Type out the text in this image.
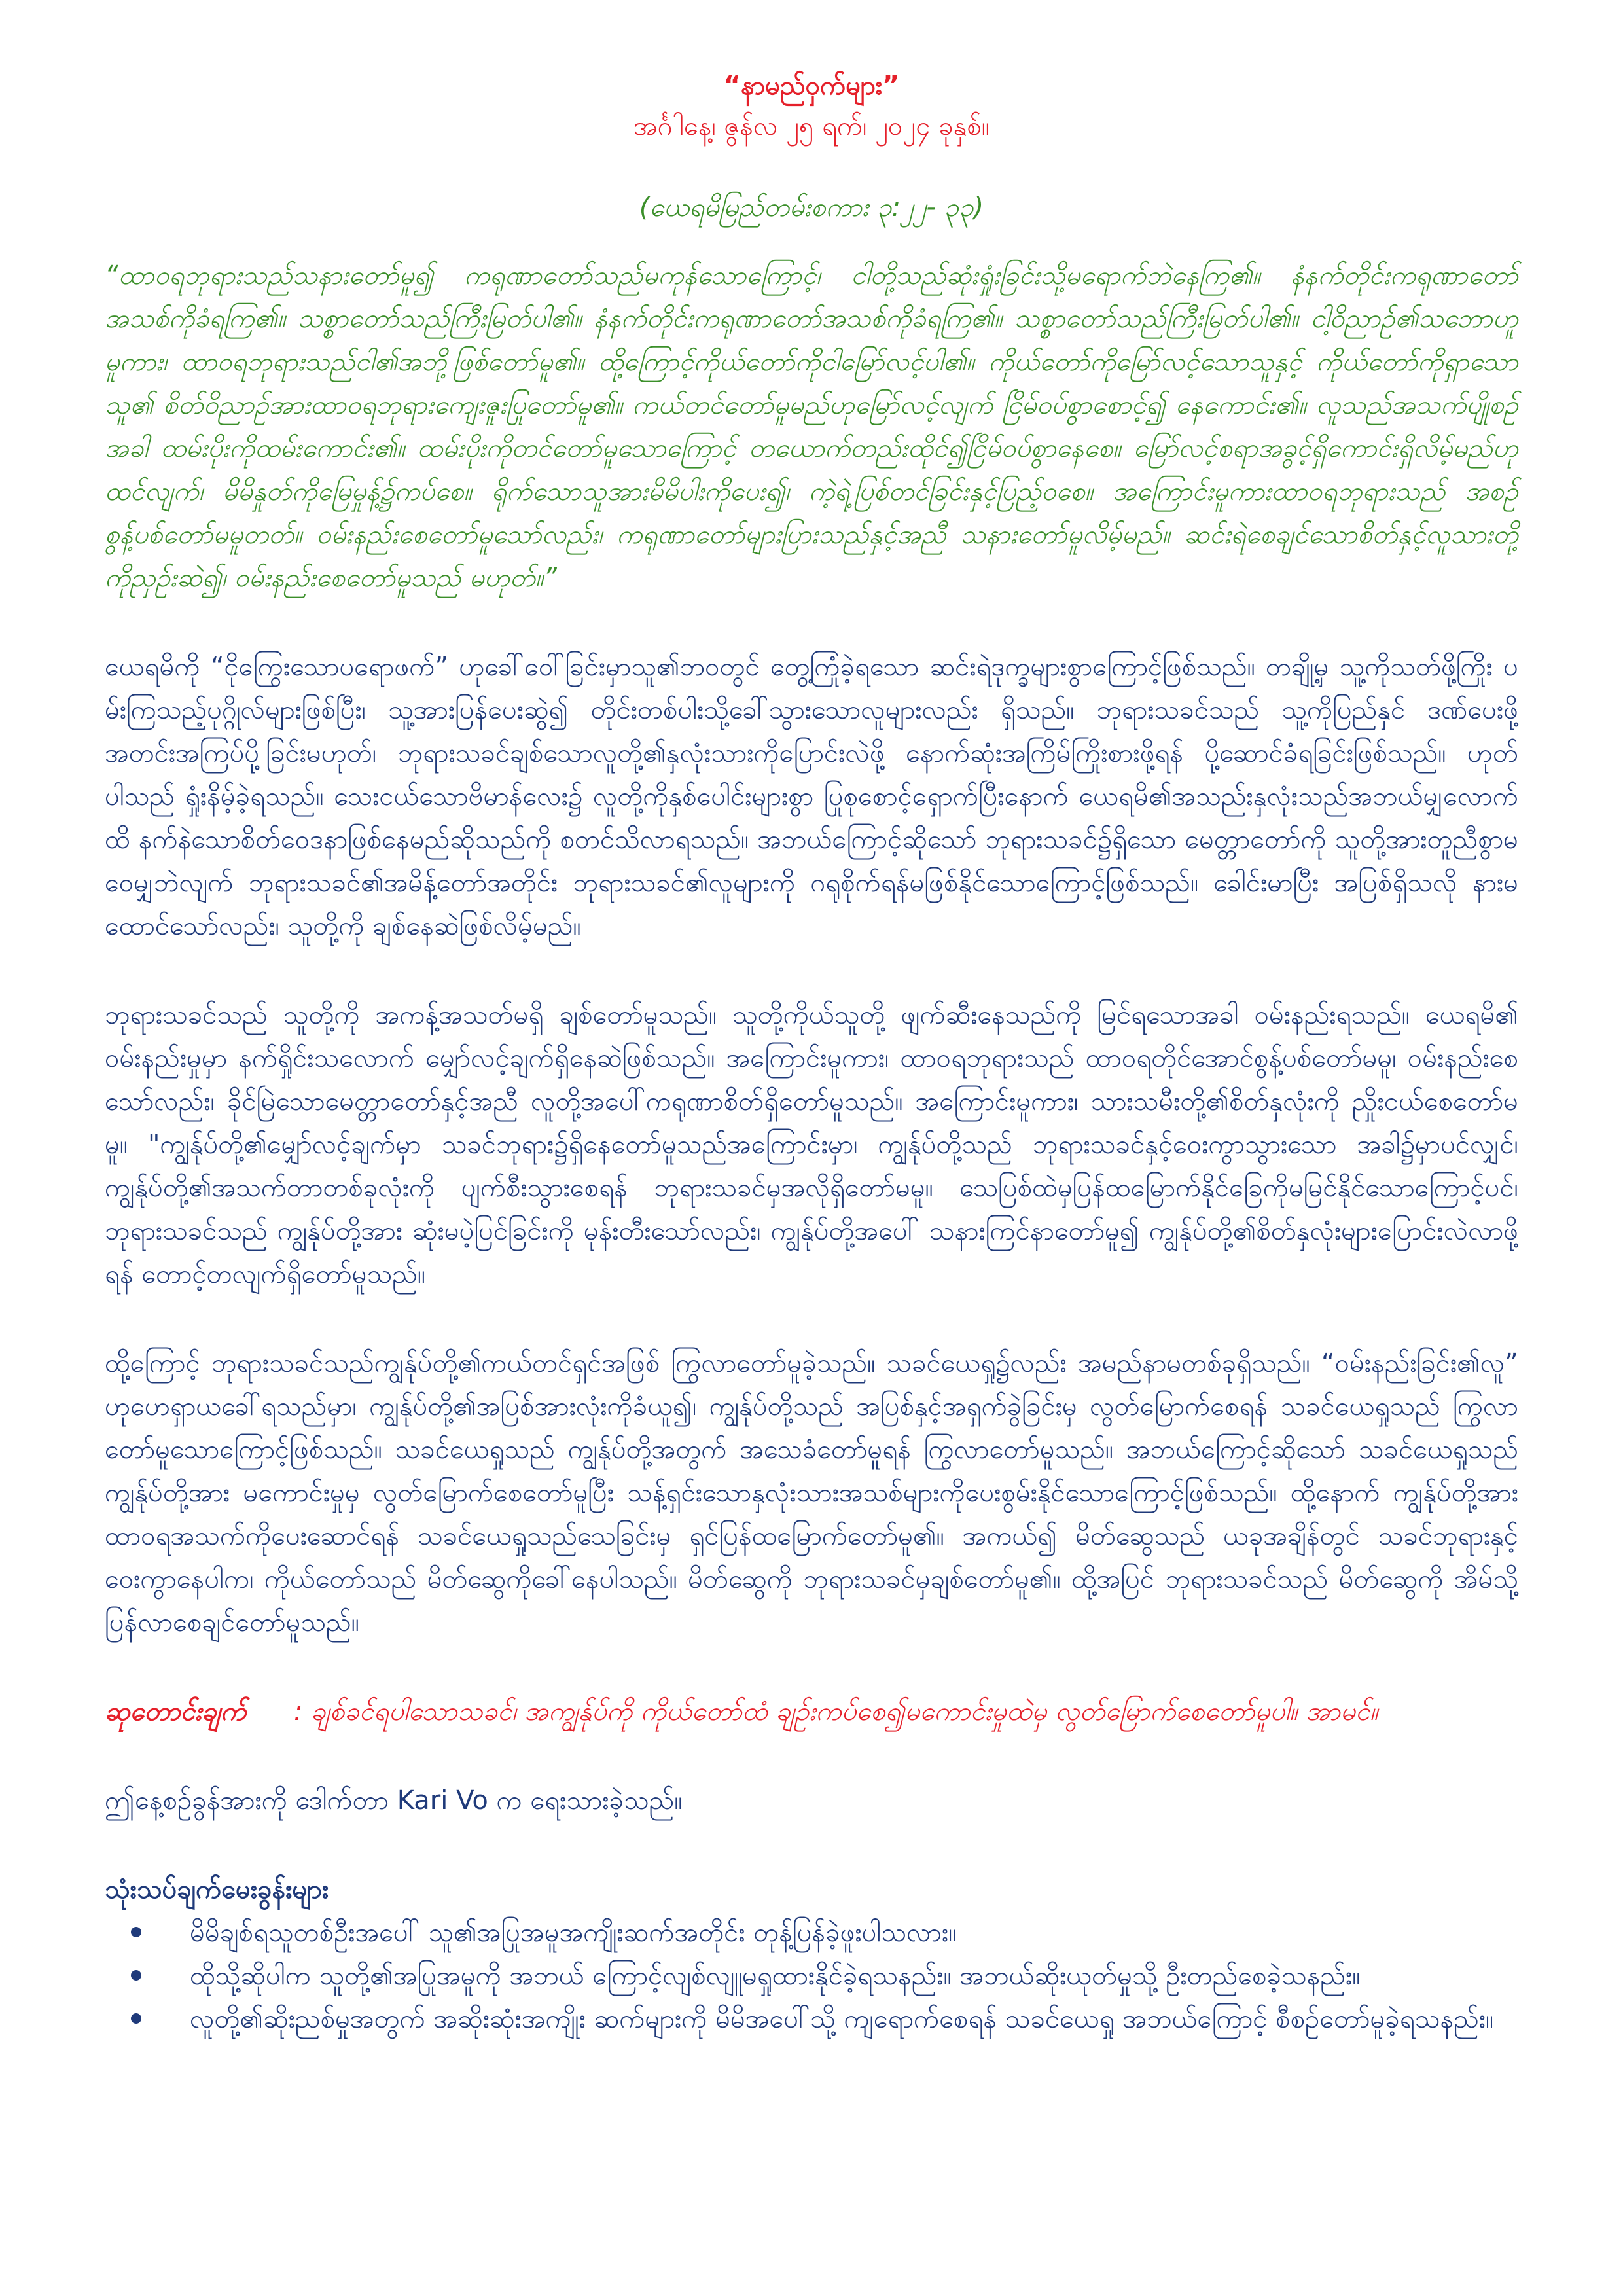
“နာမည်ဝှက်များ”

အင်္ဂါနေ့၊ ဇွန်လ ၂၅ ရက်၊ ၂၀၂၄ ခုနှစ်။

(ယေရမိမြည်တမ်းစကား ၃:၂၂- ၃၃)

“ထာဝရဘုရားသည်သနားတော်မူ၍ ကရုဏာတော်သည်မကုန်သောကြောင့်၊ ငါတို့သည်ဆုံးရှုံးခြင်းသို့မရောက်ဘဲနေကြ၏။ နံနက်တိုင်းကရုဏာတော် အသစ်ကိုခံရကြ၏။ သစ္စာတော်သည်ကြီးမြတ်ပါ၏။ နံနက်တိုင်းကရုဏာတော်အသစ်ကိုခံရကြ၏။ သစ္စာတော်သည်ကြီးမြတ်ပါ၏။ ငါ့ဝိညာဉ်၏သဘောဟူမူကား၊ ထာဝရဘုရားသည်ငါ၏အဘို့ဖြစ်တော်မူ၏။ ထို့ကြောင့်ကိုယ်တော်ကိုငါမြော်လင့်ပါ၏။ ကိုယ်တော်ကိုမြော်လင့်သောသူနှင့် ကိုယ်တော်ကိုရှာသောသူ၏ စိတ်ဝိညာဉ်အားထာဝရဘုရားကျေးဇူးပြုတော်မူ၏။ ကယ်တင်တော်မူမည်ဟုမြော်လင့်လျက် ငြိမ်ဝပ်စွာစောင့်၍ နေကောင်း၏။ လူသည်အသက်ပျိုစဉ်အခါ ထမ်းပိုးကိုထမ်းကောင်း၏။ ထမ်းပိုးကိုတင်တော်မူသောကြောင့် တယောက်တည်းထိုင်၍ငြိမ်ဝပ်စွာနေစေ။ မြော်လင့်စရာအခွင့်ရှိကောင်းရှိလိမ့်မည်ဟုထင်လျက်၊ မိမိနှုတ်ကိုမြေမှုန့်၌ကပ်စေ။ ရိုက်သောသူအားမိမိပါးကိုပေး၍၊ ကဲ့ရဲ့ပြစ်တင်ခြင်းနှင့်ပြည့်ဝစေ။ အကြောင်းမူကားထာဝရဘုရားသည် အစဉ်စွန့်ပစ်တော်မမူတတ်။ ဝမ်းနည်းစေတော်မူသော်လည်း၊ ကရုဏာတော်များပြားသည်နှင့်အညီ သနားတော်မူလိမ့်မည်။ ဆင်းရဲစေချင်သောစိတ်နှင့်လူသားတို့ကိုညှဉ်းဆဲ၍၊ ဝမ်းနည်းစေတော်မူသည် မဟုတ်။”

ယေရမိကို “ငိုကြွေးသောပရောဖက်” ဟုခေါ်ဝေါ်ခြင်းမှာသူ၏ဘဝတွင် တွေ့ကြုံခဲ့ရသော ဆင်းရဲဒုက္ခများစွာကြောင့်ဖြစ်သည်။ တချို့မှ သူ့ကိုသတ်ဖို့ကြိုး ပမ်းကြသည့်ပုဂ္ဂိုလ်များဖြစ်ပြီး၊ သူ့အားပြန်ပေးဆွဲ၍ တိုင်းတစ်ပါးသို့ခေါ်သွားသောလူများလည်း ရှိသည်။ ဘုရားသခင်သည် သူ့ကိုပြည်နှင် ဒဏ်ပေးဖို့ အတင်းအကြပ်ပို့ခြင်းမဟုတ်၊ ဘုရားသခင်ချစ်သောလူတို့၏နှလုံးသားကိုပြောင်းလဲဖို့ နောက်ဆုံးအကြိမ်ကြိုးစားဖို့ရန် ပို့ဆောင်ခံရခြင်းဖြစ်သည်။ ဟုတ်ပါသည် ရှုံးနိမ့်ခဲ့ရသည်။ သေးငယ်သောဗိမာန်လေး၌ လူတို့ကိုနှစ်ပေါင်းများစွာ ပြုစုစောင့်ရှောက်ပြီးနောက် ယေရမိ၏အသည်းနှလုံးသည်အဘယ်မျှလောက်ထိ နက်နဲသောစိတ်ဝေဒနာဖြစ်နေမည်ဆိုသည်ကို စတင်သိလာရသည်။ အဘယ်ကြောင့်ဆိုသော် ဘုရားသခင်၌ရှိသော မေတ္တာတော်ကို သူတို့အားတူညီစွာမဝေမျှဘဲလျက် ဘုရားသခင်၏အမိန့်တော်အတိုင်း ဘုရားသခင်၏လူများကို ဂရုစိုက်ရန်မဖြစ်နိုင်သောကြောင့်ဖြစ်သည်။ ခေါင်းမာပြီး အပြစ်ရှိသလို နားမထောင်သော်လည်း၊ သူတို့ကို ချစ်နေဆဲဖြစ်လိမ့်မည်။

ဘုရားသခင်သည် သူတို့ကို အကန့်အသတ်မရှိ ချစ်တော်မူသည်။ သူတို့ကိုယ်သူတို့ ဖျက်ဆီးနေသည်ကို မြင်ရသောအခါ ဝမ်းနည်းရသည်။ ယေရမိ၏ ဝမ်းနည်းမှုမှာ နက်ရှိုင်းသလောက် မျှော်လင့်ချက်ရှိနေဆဲဖြစ်သည်။ အကြောင်းမူကား၊ ထာဝရဘုရားသည် ထာဝရတိုင်အောင်စွန့်ပစ်တော်မမူ၊ ဝမ်းနည်းစေသော်လည်း၊ ခိုင်မြဲသောမေတ္တာတော်နှင့်အညီ လူတို့အပေါ်ကရုဏာစိတ်ရှိတော်မူသည်။ အကြောင်းမူကား၊ သားသမီးတို့၏စိတ်နှလုံးကို ညှိုးငယ်စေတော်မမူ။ "ကျွန်ုပ်တို့၏မျှော်လင့်ချက်မှာ သခင်ဘုရား၌ရှိနေတော်မူသည်အကြောင်းမှာ၊ ကျွန်ုပ်တို့သည် ဘုရားသခင်နှင့်ဝေးကွာသွားသော အခါ၌မှာပင်လျှင်၊ ကျွန်ုပ်တို့၏အသက်တာတစ်ခုလုံးကို ပျက်စီးသွားစေရန် ဘုရားသခင်မှအလိုရှိတော်မမူ။ သေပြစ်ထဲမှပြန်ထမြောက်နိုင်ခြေကိုမမြင်နိုင်သောကြောင့်ပင်၊ ဘုရားသခင်သည် ကျွန်ုပ်တို့အား ဆုံးမပဲ့ပြင်ခြင်းကို မုန်းတီးသော်လည်း၊ ကျွန်ုပ်တို့အပေါ် သနားကြင်နာတော်မူ၍ ကျွန်ုပ်တို့၏စိတ်နှလုံးများပြောင်းလဲလာဖို့ရန် တောင့်တလျက်ရှိတော်မူသည်။

ထို့ကြောင့် ဘုရားသခင်သည်ကျွန်ုပ်တို့၏ကယ်တင်ရှင်အဖြစ် ကြွလာတော်မူခဲ့သည်။ သခင်ယေရှု၌လည်း အမည်နာမတစ်ခုရှိသည်။ “ဝမ်းနည်းခြင်း၏လူ” ဟုဟေရှာယခေါ်ရသည်မှာ၊ ကျွန်ုပ်တို့၏အပြစ်အားလုံးကိုခံယူ၍၊ ကျွန်ုပ်တို့သည် အပြစ်နှင့်အရှက်ခွဲခြင်းမှ လွတ်မြောက်စေရန် သခင်ယေရှုသည် ကြွလာတော်မူသောကြောင့်ဖြစ်သည်။ သခင်ယေရှုသည် ကျွန်ုပ်တို့အတွက် အသေခံတော်မူရန် ကြွလာတော်မူသည်။ အဘယ်ကြောင့်ဆိုသော် သခင်ယေရှုသည် ကျွန်ုပ်တို့အား မကောင်းမှုမှ လွတ်မြောက်စေတော်မူပြီး သန့်ရှင်းသောနှလုံးသားအသစ်များကိုပေးစွမ်းနိုင်သောကြောင့်ဖြစ်သည်။ ထို့နောက် ကျွန်ုပ်တို့အား ထာဝရအသက်ကိုပေးဆောင်ရန် သခင်ယေရှုသည်သေခြင်းမှ ရှင်ပြန်ထမြောက်တော်မူ၏။ အကယ်၍ မိတ်ဆွေသည် ယခုအချိန်တွင် သခင်ဘုရားနှင့် ဝေးကွာနေပါက၊ ကိုယ်တော်သည် မိတ်ဆွေကိုခေါ်နေပါသည်။ မိတ်ဆွေကို ဘုရားသခင်မှချစ်တော်မူ၏။ ထို့အပြင် ဘုရားသခင်သည် မိတ်ဆွေကို အိမ်သို့ပြန်လာစေချင်တော်မူသည်။

ဆုတောင်းချက် : ချစ်ခင်ရပါသောသခင်၊ အကျွန်ုပ်ကို ကိုယ်တော်ထံ ချဉ်းကပ်စေ၍မကောင်းမှုထဲမှ လွတ်မြောက်စေတော်မူပါ။ အာမင်။
ဤနေ့စဉ်ခွန်အားကို ဒေါက်တာ Kari Vo က ရေးသားခဲ့သည်။
သုံးသပ်ချက်မေးခွန်းများ
မိမိချစ်ရသူတစ်ဦးအပေါ် သူ၏အပြုအမူအကျိုးဆက်အတိုင်း တုန့်ပြန်ခဲ့ဖူးပါသလား။
ထိုသို့ဆိုပါက သူတို့၏အပြုအမူကို အဘယ် ကြောင့်လျစ်လျူမရှုထားနိုင်ခဲ့ရသနည်း။ အဘယ်ဆိုးယုတ်မှုသို့ ဦးတည်စေခဲ့သနည်း။
လူတို့၏ဆိုးညစ်မှုအတွက် အဆိုးဆုံးအကျိုး ဆက်များကို မိမိအပေါ်သို့ ကျရောက်စေရန် သခင်ယေရှု အဘယ်ကြောင့် စီစဉ်တော်မူခဲ့ရသနည်း။
